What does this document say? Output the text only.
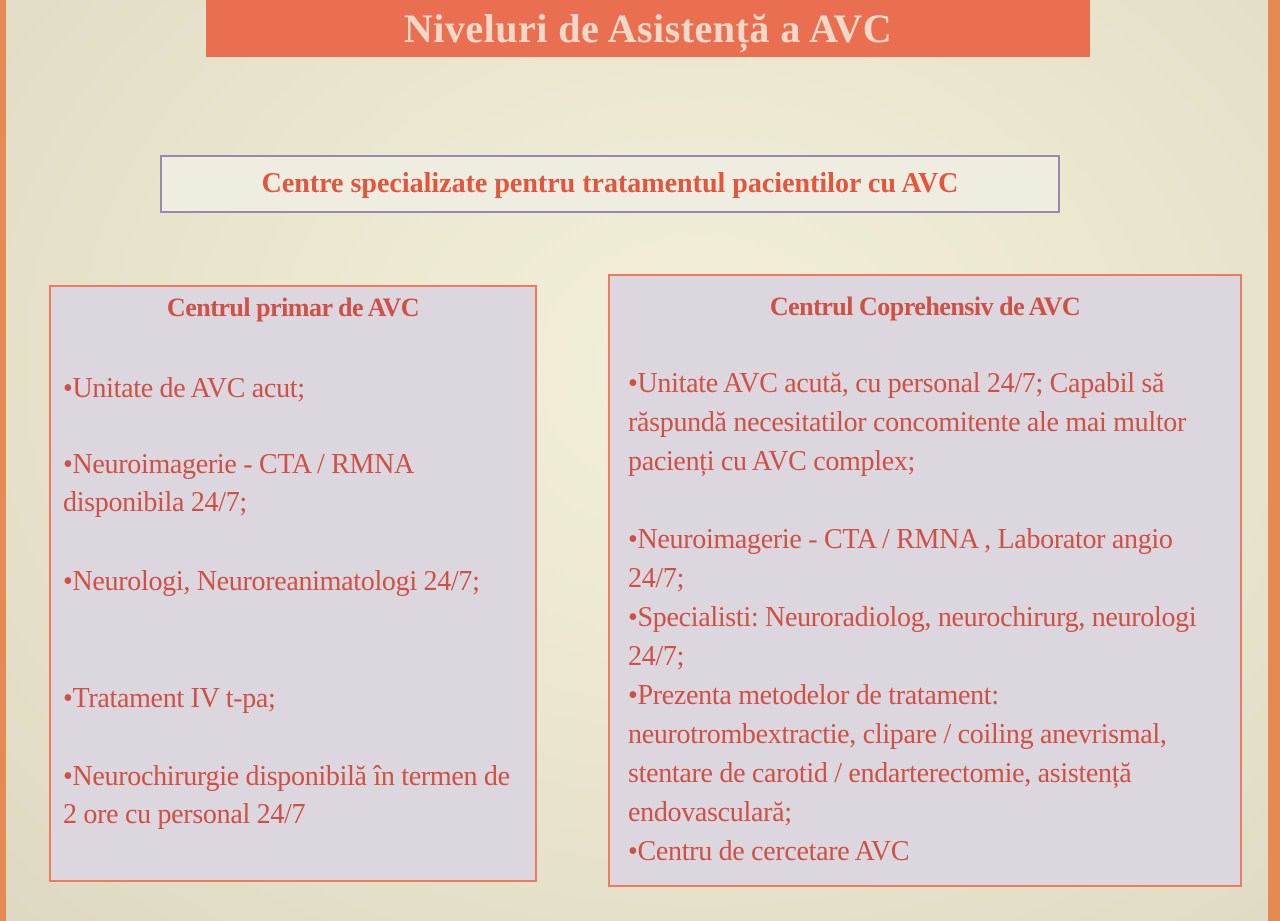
Niveluri de Asistență a AVC
Centre specializate pentru tratamentul pacientilor cu AVC
Centrul primar de AVC
•Unitate de AVC acut;
•Neuroimagerie - CTA / RMNA disponibila 24/7;
•Neurologi, Neuroreanimatologi 24/7;
•Tratament IV t-pa;
•Neurochirurgie disponibilă în termen de 2 ore cu personal 24/7
Centrul Coprehensiv de AVC
•Unitate AVC acută, cu personal 24/7; Capabil să răspundă necesitatilor concomitente ale mai multor pacienți cu AVC complex;
•Neuroimagerie - CTA / RMNA , Laborator angio 24/7;
•Specialisti: Neuroradiolog, neurochirurg, neurologi 24/7;
•Prezenta metodelor de tratament: neurotrombextractie, clipare / coiling anevrismal, stentare de carotid / endarterectomie, asistență endovasculară;
•Centru de cercetare AVC
